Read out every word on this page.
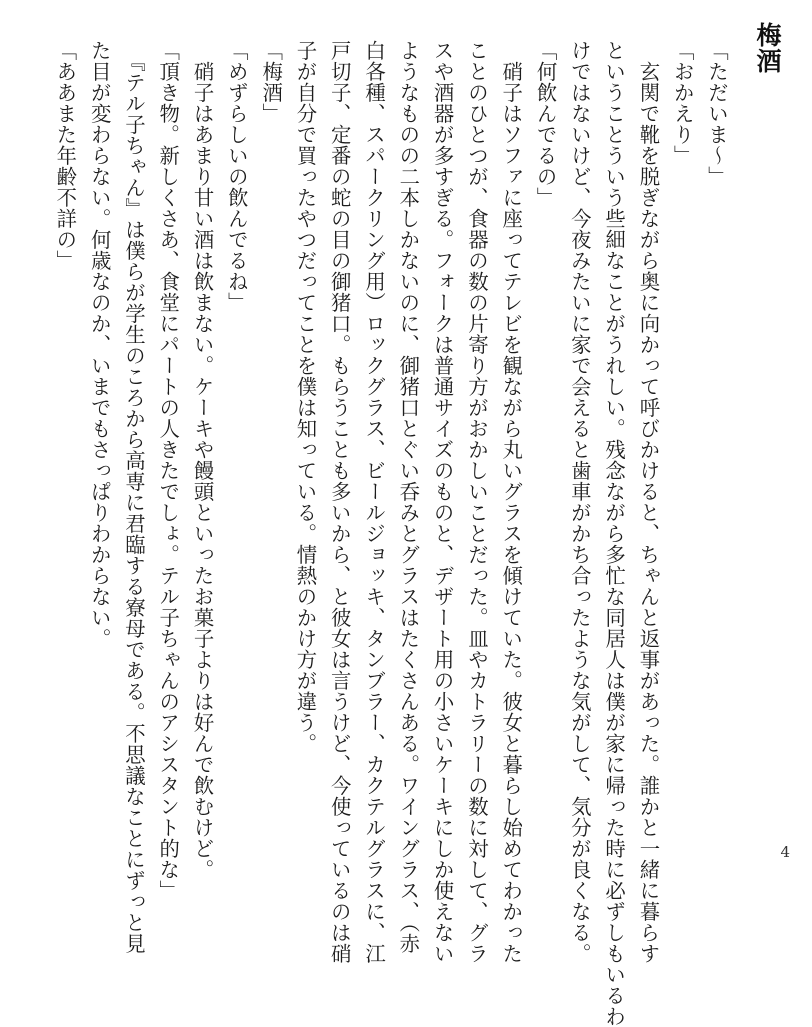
梅酒

「ただいま〜」

「おかえり」

　玄関で靴を脱ぎながら奥に向かって呼びかけると、ちゃんと返事があった。誰かと一緒に暮らす

ということういう些細なことがうれしい。残念ながら多忙な同居人は僕が家に帰った時に必ずしもいるわ

けではないけど、今夜みたいに家で会えると歯車がかち合ったような気がして、気分が良くなる。

「何飲んでるの」

　硝子はソファに座ってテレビを観ながら丸いグラスを傾けていた。彼女と暮らし始めてわかった

ことのひとつが、食器の数の片寄り方がおかしいことだった。皿やカトラリーの数に対して、グラ

スや酒器が多すぎる。フォークは普通サイズのものと、デザート用の小さいケーキにしか使えない

ようなものの二本しかないのに、御猪口とぐい呑みとグラスはたくさんある。ワイングラス、（赤

白各種、スパークリング用）ロックグラス、ビールジョッキ、タンブラー、カクテルグラスに、江

戸切子、定番の蛇の目の御猪口。もらうことも多いから、と彼女は言うけど、今使っているのは硝

子が自分で買ったやつだってことを僕は知っている。情熱のかけ方が違う。

「梅酒」

「めずらしいの飲んでるね」

　硝子はあまり甘い酒は飲まない。ケーキや饅頭といったお菓子よりは好んで飲むけど。

「頂き物。新しくさあ、食堂にパートの人きたでしょ。テル子ちゃんのアシスタント的な」

　『テル子ちゃん』は僕らが学生のころから高専に君臨する寮母である。不思議なことにずっと見

た目が変わらない。何歳なのか、いまでもさっぱりわからない。

「ああまた年齢不詳の」

4
